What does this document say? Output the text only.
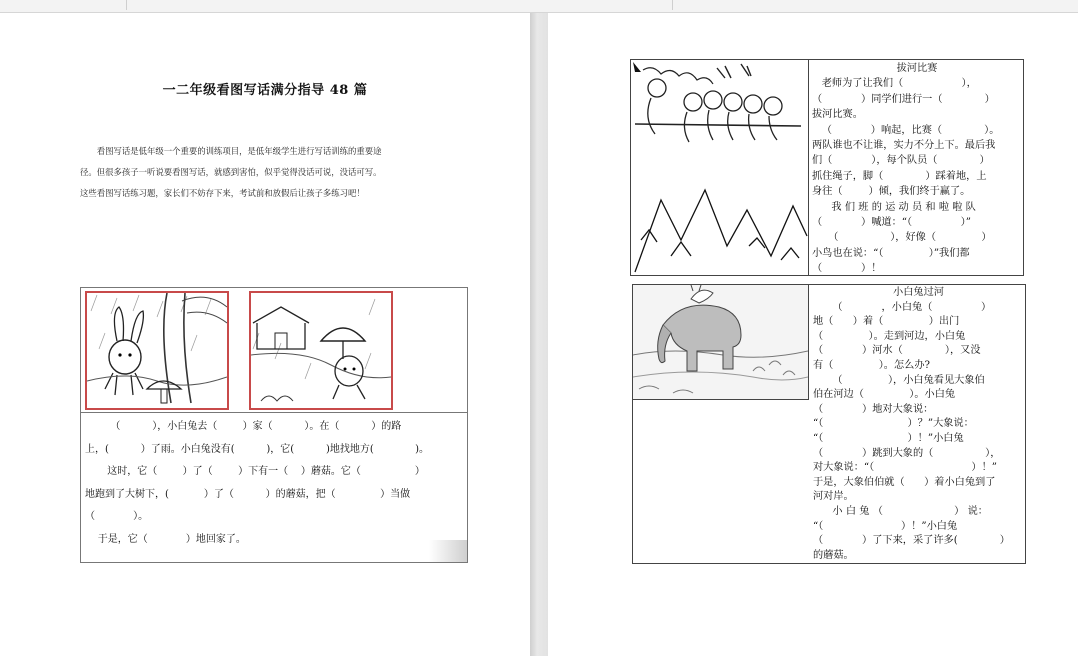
一二年级看图写话满分指导 48 篇

看图写话是低年级一个重要的训练项目，是低年级学生进行写话训练的重要途

径。但很多孩子一听说要看图写话，就感到害怕，似乎觉得没话可说，没话可写。

这些看图写话练习题，家长们不妨存下来，考试前和放假后让孩子多练习吧！

（          ），小白兔去（        ）家（          ）。在（          ）的路

上，(          ）了雨。小白兔没有(          )，它(          )地找地方(             )。

这时，它（        ）了（        ）下有一（    ）蘑菇。它（                 ）

地跑到了大树下，(           ）了（          ）的蘑菇，把（              ）当做

（            ）。

于是，它（            ）地回家了。

拔河比赛

老师为了让我们（                  ），

（            ）同学们进行一（             ）

拔河比赛。

（            ）响起，比赛（             ）。

两队谁也不让谁，实力不分上下。最后我

们（            ），每个队员（             ）

抓住绳子，脚（             ）踩着地，上

身往（        ）倾，我们终于赢了。

我 们 班 的 运 动 员 和 啦 啦 队

（            ）喊道：“（               ）”

（                ），好像（              ）

小鸟也在说：“（              ）”我们都

（            ）！

小白兔过河

（            ，小白兔（               ）

地（      ）着（              ）出门

（              ）。走到河边，小白兔

（            ）河水（             ），又没

有（              ）。怎么办?

（              ），小白兔看见大象伯

伯在河边（              ）。小白兔

（            ）地对大象说：

“（                          ）？”大象说：

“（                          ）！”小白兔

（            ）跳到大象的（                ），

对大象说：“（                              ）！”

于是，大象伯伯就（      ）着小白兔到了

河对岸。

小 白 兔 （                      ） 说：

“（                        ）！”小白兔

（            ）了下来，采了许多(             ）

的蘑菇。
